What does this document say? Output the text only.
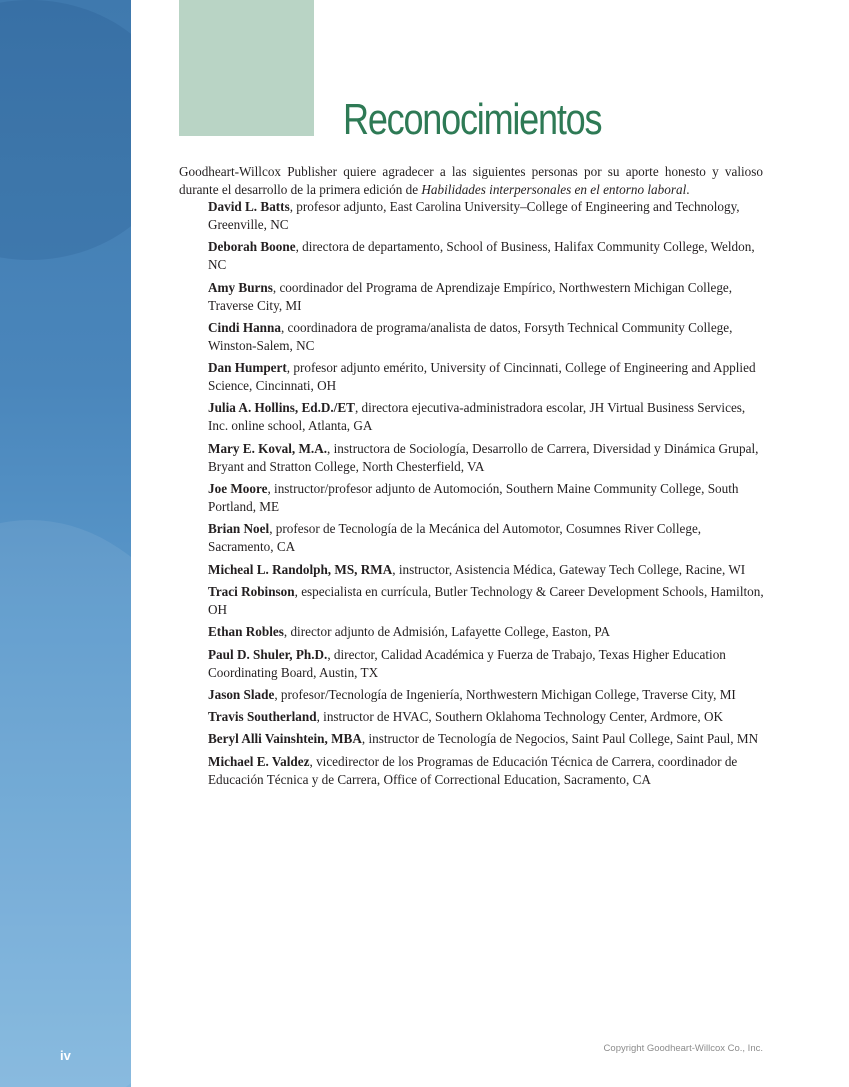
iv
Reconocimientos

Goodheart-Willcox Publisher quiere agradecer a las siguientes personas por su aporte honesto y valioso durante el desarrollo de la primera edición de Habilidades interpersonales en el entorno laboral.

David L. Batts, profesor adjunto, East Carolina University–College of Engineering and Technology, Greenville, NC
Deborah Boone, directora de departamento, School of Business, Halifax Community College, Weldon, NC
Amy Burns, coordinador del Programa de Aprendizaje Empírico, Northwestern Michigan College, Traverse City, MI
Cindi Hanna, coordinadora de programa/analista de datos, Forsyth Technical Community College, Winston-Salem, NC
Dan Humpert, profesor adjunto emérito, University of Cincinnati, College of Engineering and Applied Science, Cincinnati, OH
Julia A. Hollins, Ed.D./ET, directora ejecutiva-administradora escolar, JH Virtual Business Services, Inc. online school, Atlanta, GA
Mary E. Koval, M.A., instructora de Sociología, Desarrollo de Carrera, Diversidad y Dinámica Grupal, Bryant and Stratton College, North Chesterfield, VA
Joe Moore, instructor/profesor adjunto de Automoción, Southern Maine Community College, South Portland, ME
Brian Noel, profesor de Tecnología de la Mecánica del Automotor, Cosumnes River College, Sacramento, CA
Micheal L. Randolph, MS, RMA, instructor, Asistencia Médica, Gateway Tech College, Racine, WI
Traci Robinson, especialista en currícula, Butler Technology & Career Development Schools, Hamilton, OH
Ethan Robles, director adjunto de Admisión, Lafayette College, Easton, PA
Paul D. Shuler, Ph.D., director, Calidad Académica y Fuerza de Trabajo, Texas Higher Education Coordinating Board, Austin, TX
Jason Slade, profesor/Tecnología de Ingeniería, Northwestern Michigan College, Traverse City, MI
Travis Southerland, instructor de HVAC, Southern Oklahoma Technology Center, Ardmore, OK
Beryl Alli Vainshtein, MBA, instructor de Tecnología de Negocios, Saint Paul College, Saint Paul, MN
Michael E. Valdez, vicedirector de los Programas de Educación Técnica de Carrera, coordinador de Educación Técnica y de Carrera, Office of Correctional Education, Sacramento, CA
Copyright Goodheart-Willcox Co., Inc.
